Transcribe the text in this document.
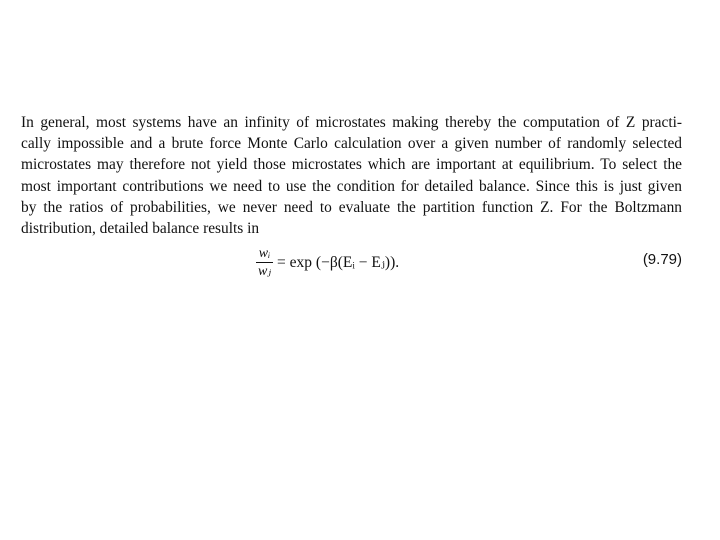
In general, most systems have an infinity of microstates making thereby the computation of Z practi-
cally impossible and a brute force Monte Carlo calculation over a given number of randomly selected
microstates may therefore not yield those microstates which are important at equilibrium. To select the
most important contributions we need to use the condition for detailed balance. Since this is just given
by the ratios of probabilities, we never need to evaluate the partition function Z. For the Boltzmann
distribution, detailed balance results in
$\frac{\text{wᵢ}}{\text{wⱼ}} = \exp$ (−β(Eᵢ − Eⱼ)).	(9.79)
